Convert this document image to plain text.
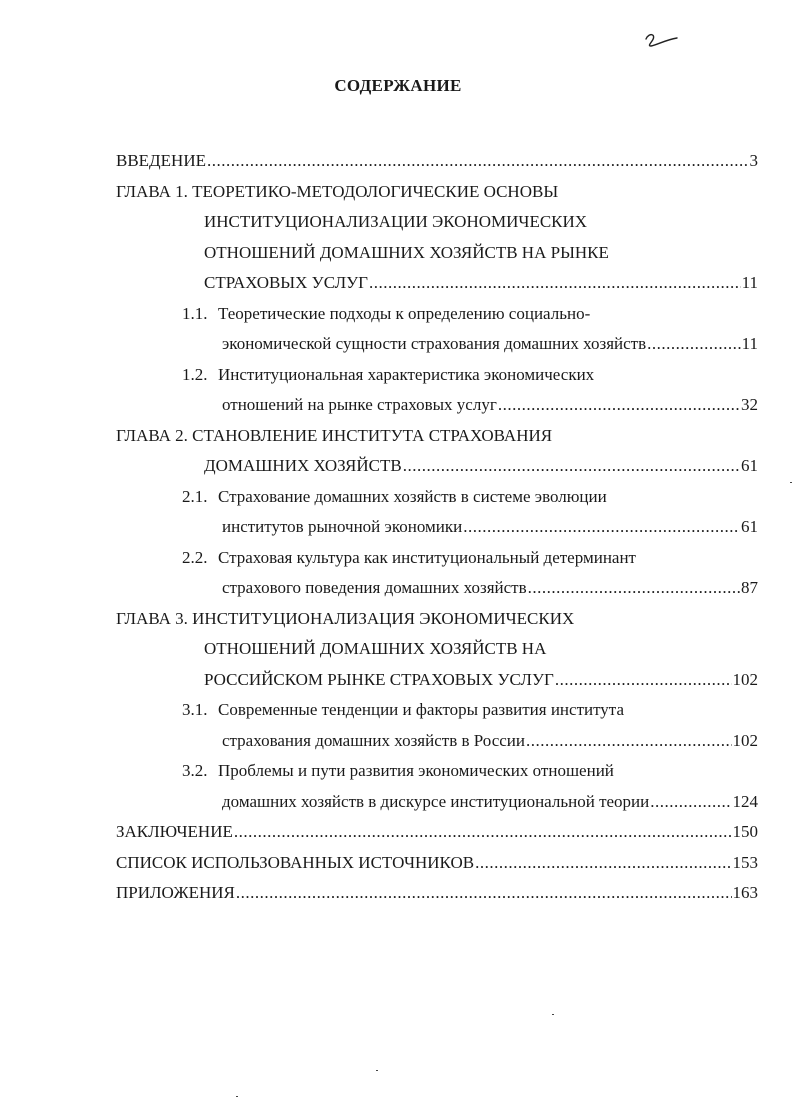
СОДЕРЖАНИЕ
ВВЕДЕНИЕ .....	3
ГЛАВА 1. ТЕОРЕТИКО-МЕТОДОЛОГИЧЕСКИЕ ОСНОВЫ
ИНСТИТУЦИОНАЛИЗАЦИИ ЭКОНОМИЧЕСКИХ
ОТНОШЕНИЙ ДОМАШНИХ ХОЗЯЙСТВ НА РЫНКЕ
СТРАХОВЫХ УСЛУГ .....	11
1.1. Теоретические подходы к определению социально-
экономической сущности страхования домашних хозяйств .....	11
1.2. Институциональная характеристика экономических
отношений на рынке страховых услуг .....	32
ГЛАВА 2. СТАНОВЛЕНИЕ ИНСТИТУТА СТРАХОВАНИЯ
ДОМАШНИХ ХОЗЯЙСТВ .....	61
2.1. Страхование домашних хозяйств в системе эволюции
институтов рыночной экономики .....	61
2.2. Страховая культура как институциональный детерминант
страхового поведения домашних хозяйств .....	87
ГЛАВА 3. ИНСТИТУЦИОНАЛИЗАЦИЯ ЭКОНОМИЧЕСКИХ
ОТНОШЕНИЙ ДОМАШНИХ ХОЗЯЙСТВ НА
РОССИЙСКОМ РЫНКЕ СТРАХОВЫХ УСЛУГ .....	102
3.1. Современные тенденции и факторы развития института
страхования домашних хозяйств в России .....	102
3.2. Проблемы и пути развития экономических отношений
домашних хозяйств в дискурсе институциональной теории .....	124
ЗАКЛЮЧЕНИЕ .....	150
СПИСОК ИСПОЛЬЗОВАННЫХ ИСТОЧНИКОВ .....	153
ПРИЛОЖЕНИЯ .....	163
